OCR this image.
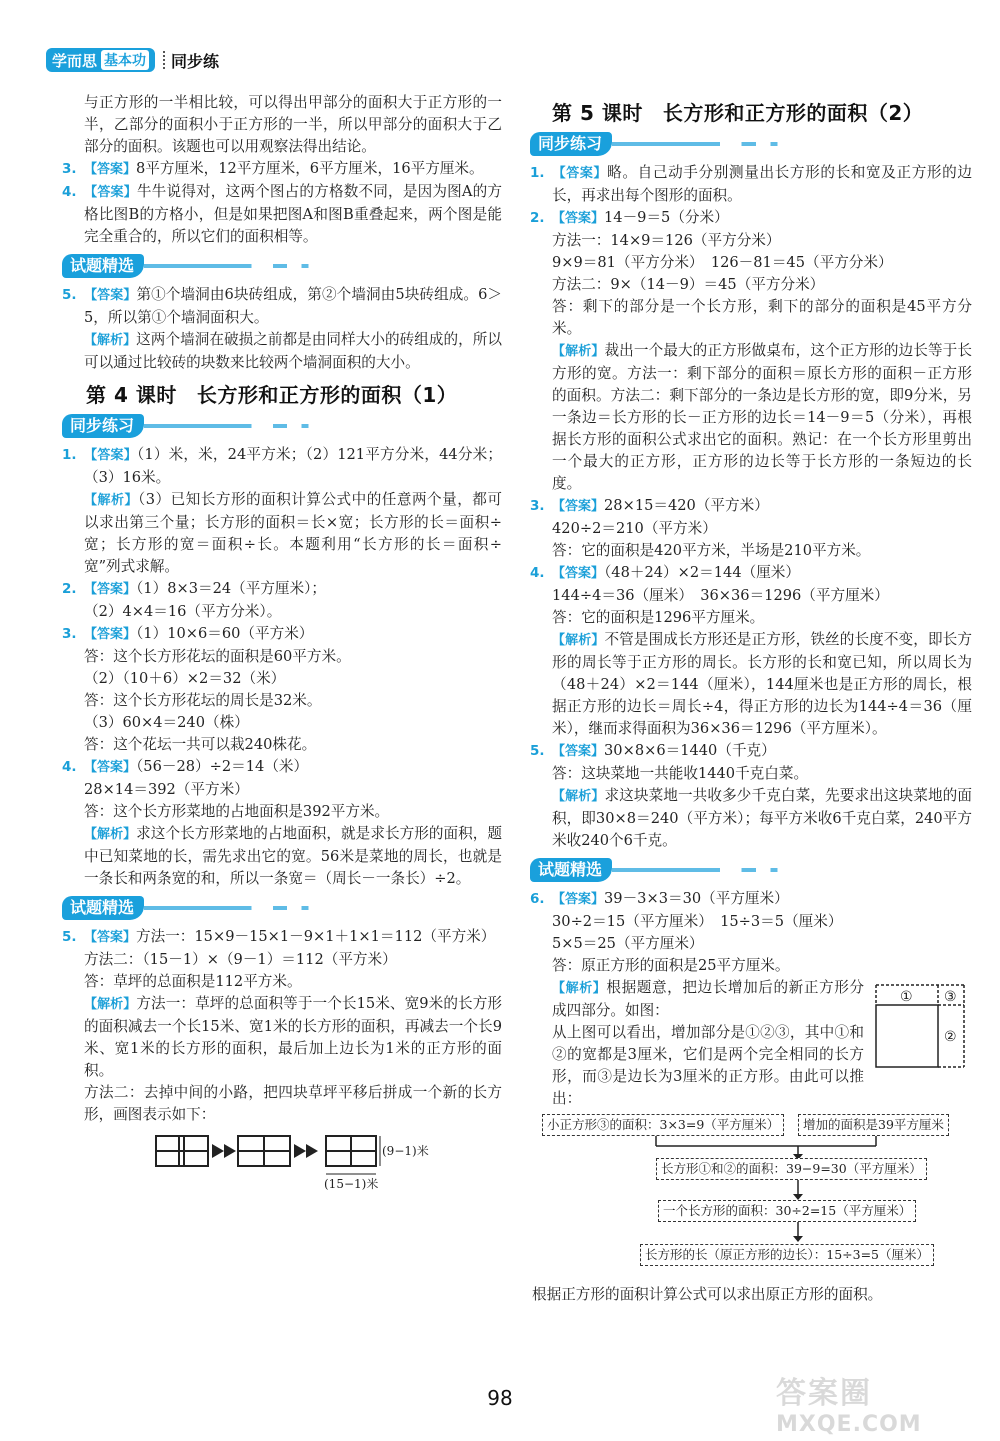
学而思 基本功 同步练
与正方形的一半相比较，可以得出甲部分的面积大于正方形的一半，乙部分的面积小于正方形的一半，所以甲部分的面积大于乙部分的面积。该题也可以用观察法得出结论。
3. 【答案】8平方厘米，12平方厘米，6平方厘米，16平方厘米。
4. 【答案】牛牛说得对，这两个图占的方格数不同，是因为图A的方格比图B的方格小，但是如果把图A和图B重叠起来，两个图是能完全重合的，所以它们的面积相等。
试题精选
5. 【答案】第①个墙洞由6块砖组成，第②个墙洞由5块砖组成。6＞5，所以第①个墙洞面积大。
【解析】这两个墙洞在破损之前都是由同样大小的砖组成的，所以可以通过比较砖的块数来比较两个墙洞面积的大小。
第 4 课时 长方形和正方形的面积（1）
同步练习
1. 【答案】（1）米，米，24平方米；（2）121平方分米，44分米；（3）16米。
【解析】（3）已知长方形的面积计算公式中的任意两个量，都可以求出第三个量；长方形的面积＝长×宽；长方形的长＝面积÷宽；长方形的宽＝面积÷长。本题利用“长方形的长＝面积÷宽”列式求解。
2. 【答案】（1）8×3＝24（平方厘米）；
（2）4×4＝16（平方分米）。
3. 【答案】（1）10×6＝60（平方米）
答：这个长方形花坛的面积是60平方米。
（2）（10＋6）×2＝32（米）
答：这个长方形花坛的周长是32米。
（3）60×4＝240（株）
答：这个花坛一共可以栽240株花。
4. 【答案】（56－28）÷2＝14（米）
28×14＝392（平方米）
答：这个长方形菜地的占地面积是392平方米。
【解析】求这个长方形菜地的占地面积，就是求长方形的面积，题中已知菜地的长，需先求出它的宽。56米是菜地的周长，也就是一条长和两条宽的和，所以一条宽＝（周长－一条长）÷2。
试题精选
5. 【答案】方法一：15×9－15×1－9×1＋1×1＝112（平方米）
方法二：（15－1）×（9－1）＝112（平方米）
答：草坪的总面积是112平方米。
【解析】方法一：草坪的总面积等于一个长15米、宽9米的长方形的面积减去一个长15米、宽1米的长方形的面积，再减去一个长9米、宽1米的长方形的面积，最后加上边长为1米的正方形的面积。
方法二：去掉中间的小路，把四块草坪平移后拼成一个新的长方形，画图表示如下：
(9−1)米
(15−1)米
第 5 课时 长方形和正方形的面积（2）
同步练习
1. 【答案】略。自己动手分别测量出长方形的长和宽及正方形的边长，再求出每个图形的面积。
2. 【答案】14－9＝5（分米）
方法一：14×9＝126（平方分米）
9×9＝81（平方分米）　126－81＝45（平方分米）
方法二：9×（14－9）＝45（平方分米）
答：剩下的部分是一个长方形，剩下的部分的面积是45平方分米。
【解析】裁出一个最大的正方形做桌布，这个正方形的边长等于长方形的宽。方法一：剩下部分的面积＝原长方形的面积－正方形的面积。方法二：剩下部分的一条边是长方形的宽，即9分米，另一条边＝长方形的长－正方形的边长＝14－9＝5（分米），再根据长方形的面积公式求出它的面积。熟记：在一个长方形里剪出一个最大的正方形，正方形的边长等于长方形的一条短边的长度。
3. 【答案】28×15＝420（平方米）
420÷2＝210（平方米）
答：它的面积是420平方米，半场是210平方米。
4. 【答案】（48＋24）×2＝144（厘米）
144÷4＝36（厘米）　36×36＝1296（平方厘米）
答：它的面积是1296平方厘米。
【解析】不管是围成长方形还是正方形，铁丝的长度不变，即长方形的周长等于正方形的周长。长方形的长和宽已知，所以周长为（48＋24）×2＝144（厘米），144厘米也是正方形的周长，根据正方形的边长＝周长÷4，得正方形的边长为144÷4＝36（厘米），继而求得面积为36×36＝1296（平方厘米）。
5. 【答案】30×8×6＝1440（千克）
答：这块菜地一共能收1440千克白菜。
【解析】求这块菜地一共收多少千克白菜，先要求出这块菜地的面积，即30×8＝240（平方米）；每平方米收6千克白菜，240平方米收240个6千克。
试题精选
6. 【答案】39－3×3＝30（平方厘米）
30÷2＝15（平方厘米）　15÷3＝5（厘米）
5×5＝25（平方厘米）
答：原正方形的面积是25平方厘米。
【解析】根据题意，把边长增加后的新正方形分成四部分。如图：
从上图可以看出，增加部分是①②③，其中①和②的宽都是3厘米，它们是两个完全相同的长方形，而③是边长为3厘米的正方形。由此可以推出：
① ③
②
小正方形③的面积：3×3=9（平方厘米）	增加的面积是39平方厘米
长方形①和②的面积：39−9=30（平方厘米）
一个长方形的面积：30÷2=15（平方厘米）
长方形的长（原正方形的边长）：15÷3=5（厘米）
根据正方形的面积计算公式可以求出原正方形的面积。
98	答案圈
MXQE.COM
